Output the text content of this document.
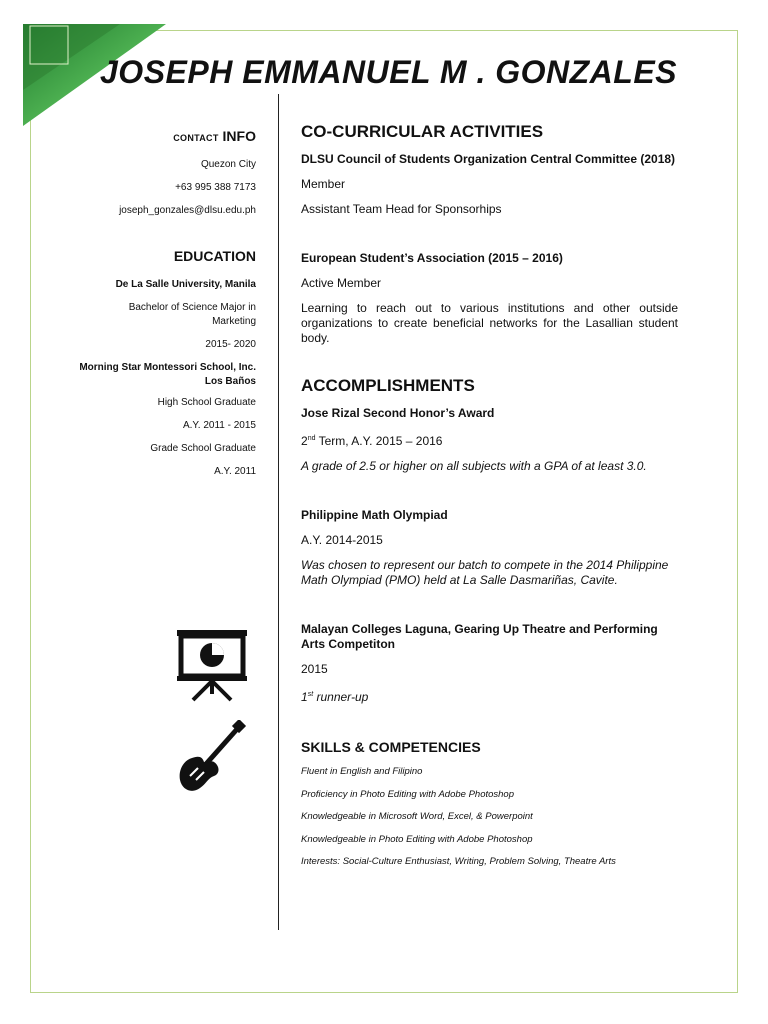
JOSEPH EMMANUEL M . GONZALES
CONTACT INFO
Quezon City
+63 995 388 7173
joseph_gonzales@dlsu.edu.ph
EDUCATION
De La Salle University, Manila
Bachelor of Science Major in Marketing
2015- 2020
Morning Star Montessori School, Inc. Los Baños
High School Graduate
A.Y. 2011 - 2015
Grade School Graduate
A.Y. 2011
CO-CURRICULAR ACTIVITIES
DLSU Council of Students Organization Central Committee (2018)
Member
Assistant Team Head for Sponsorhips
European Student’s Association (2015 – 2016)
Active Member
Learning to reach out to various institutions and other outside organizations to create beneficial networks for the Lasallian student body.
ACCOMPLISHMENTS
Jose Rizal Second Honor’s Award
2nd Term, A.Y. 2015 – 2016
A grade of 2.5 or higher on all subjects with a GPA of at least 3.0.
Philippine Math Olympiad
A.Y. 2014-2015
Was chosen to represent our batch to compete in the 2014 Philippine Math Olympiad (PMO) held at La Salle Dasmariñas, Cavite.
Malayan Colleges Laguna, Gearing Up Theatre and Performing Arts Competiton
2015
1st runner-up
SKILLS & COMPETENCIES
Fluent in English and Filipino
Proficiency in Photo Editing with Adobe Photoshop
Knowledgeable in Microsoft Word, Excel, & Powerpoint
Knowledgeable in Photo Editing with Adobe Photoshop
Interests: Social-Culture Enthusiast, Writing, Problem Solving, Theatre Arts
